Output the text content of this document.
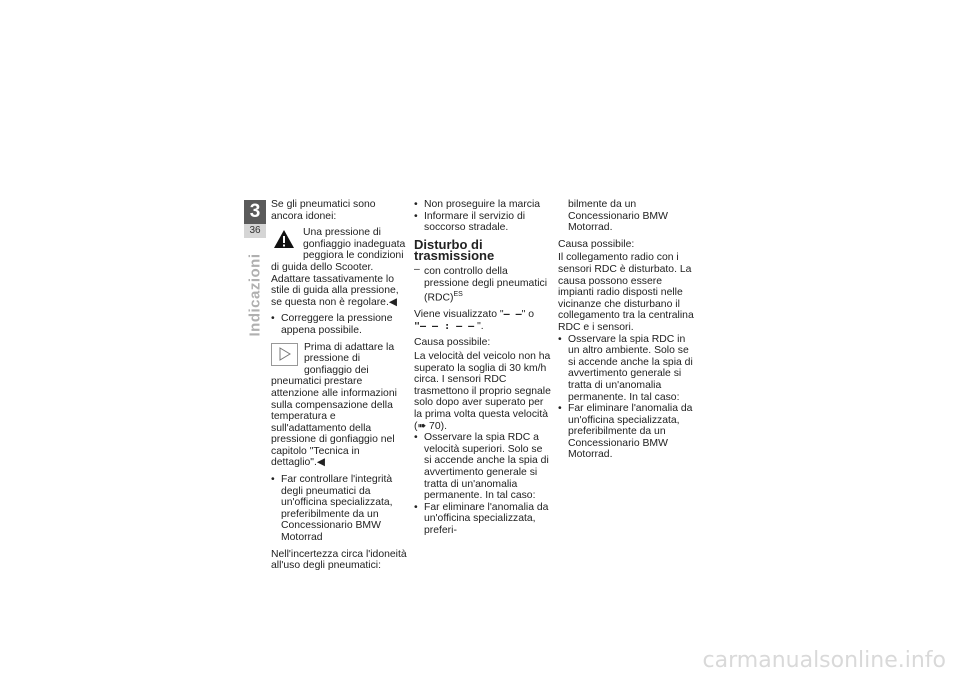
3
36
Indicazioni

Se gli pneumatici sono ancora idonei:

Una pressione di gonfiaggio inadeguata peggiora le condizioni di guida dello Scooter. Adattare tassativamente lo stile di guida alla pressione, se questa non è regolare.◀
• Correggere la pressione appena possibile.
Prima di adattare la pressione di gonfiaggio dei pneumatici prestare attenzione alle informazioni sulla compensazione della temperatura e sull'adattamento della pressione di gonfiaggio nel capitolo "Tecnica in dettaglio".◀
• Far controllare l'integrità degli pneumatici da un'officina specializzata, preferibilmente da un Concessionario BMW Motorrad

Nell'incertezza circa l'idoneità all'uso degli pneumatici:

• Non proseguire la marcia
• Informare il servizio di soccorso stradale.
Disturbo di trasmissione
– con controllo della pressione degli pneumatici (RDC)$^{ES}$

Viene visualizzato "– –" o
"– – : – – ".

Causa possibile:

La velocità del veicolo non ha superato la soglia di 30 km/h circa. I sensori RDC trasmettono il proprio segnale solo dopo aver superato per la prima volta questa velocità (➠ 70).

• Osservare la spia RDC a velocità superiori. Solo se si accende anche la spia di avvertimento generale si tratta di un'anomalia permanente. In tal caso:
• Far eliminare l'anomalia da un'officina specializzata, preferi-

bilmente da un Concessionario BMW Motorrad.

Causa possibile:

Il collegamento radio con i sensori RDC è disturbato. La causa possono essere impianti radio disposti nelle vicinanze che disturbano il collegamento tra la centralina RDC e i sensori.

• Osservare la spia RDC in un altro ambiente. Solo se si accende anche la spia di avvertimento generale si tratta di un'anomalia permanente. In tal caso:
• Far eliminare l'anomalia da un'officina specializzata, preferibilmente da un Concessionario BMW Motorrad.
carmanualsonline.info
